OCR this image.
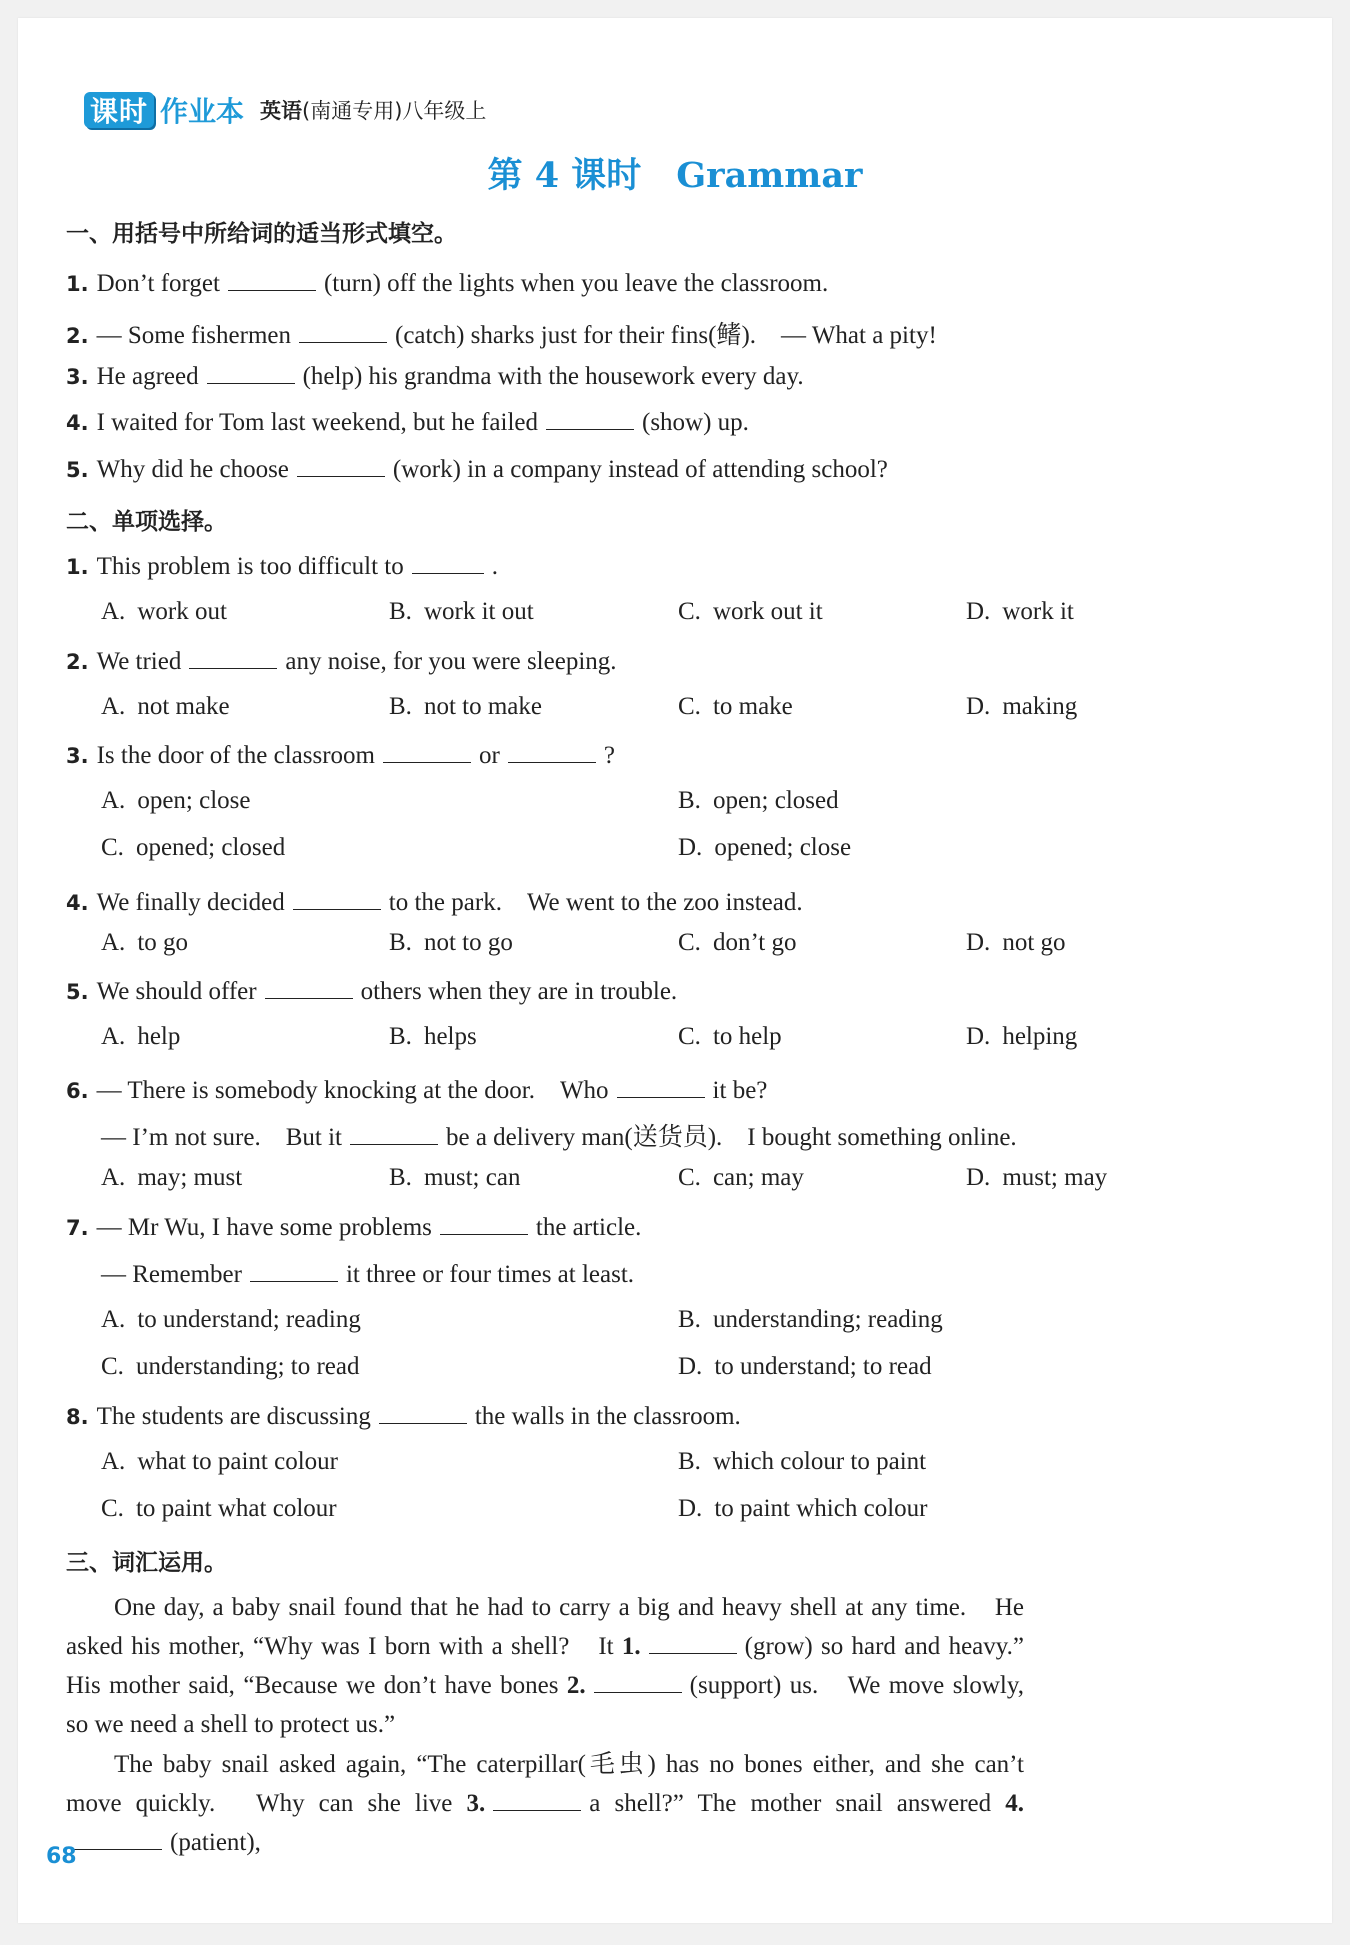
课时 作业本 英语(南通专用)八年级上
第 4 课时　Grammar
一、用括号中所给词的适当形式填空。
1. Don’t forget	(turn) off the lights when you leave the classroom.
2. — Some fishermen	(catch) sharks just for their fins(鳍).　— What a pity!
3. He agreed	(help) his grandma with the housework every day.
4. I waited for Tom last weekend, but he failed	(show) up.
5. Why did he choose	(work) in a company instead of attending school?
二、单项选择。
1. This problem is too difficult to	.
A. work out	B. work it out	C. work out it	D. work it
2. We tried	any noise, for you were sleeping.
A. not make	B. not to make	C. to make	D. making
3. Is the door of the classroom	or	?
A. open; close	B. open; closed
C. opened; closed	D. opened; close
4. We finally decided	to the park.　We went to the zoo instead.
A. to go	B. not to go	C. don’t go	D. not go
5. We should offer	others when they are in trouble.
A. help	B. helps	C. to help	D. helping
6. — There is somebody knocking at the door.　Who	it be?
— I’m not sure.　But it	be a delivery man(送货员).　I bought something online.
A. may; must	B. must; can	C. can; may	D. must; may
7. — Mr Wu, I have some problems	the article.
— Remember	it three or four times at least.
A. to understand; reading	B. understanding; reading
C. understanding; to read	D. to understand; to read
8. The students are discussing	the walls in the classroom.
A. what to paint colour	B. which colour to paint
C. to paint what colour	D. to paint which colour
三、词汇运用。
One day, a baby snail found that he had to carry a big and heavy shell at any time.　He asked his mother, “Why was I born with a shell?　It 1.	(grow) so hard and heavy.”　His mother said, “Because we don’t have bones 2.	(support) us.　We move slowly, so we need a shell to protect us.”
The baby snail asked again, “The caterpillar(毛虫) has no bones either, and she can’t move quickly.　Why can she live 3.	a shell?” The mother snail answered 4.(patient),
68
